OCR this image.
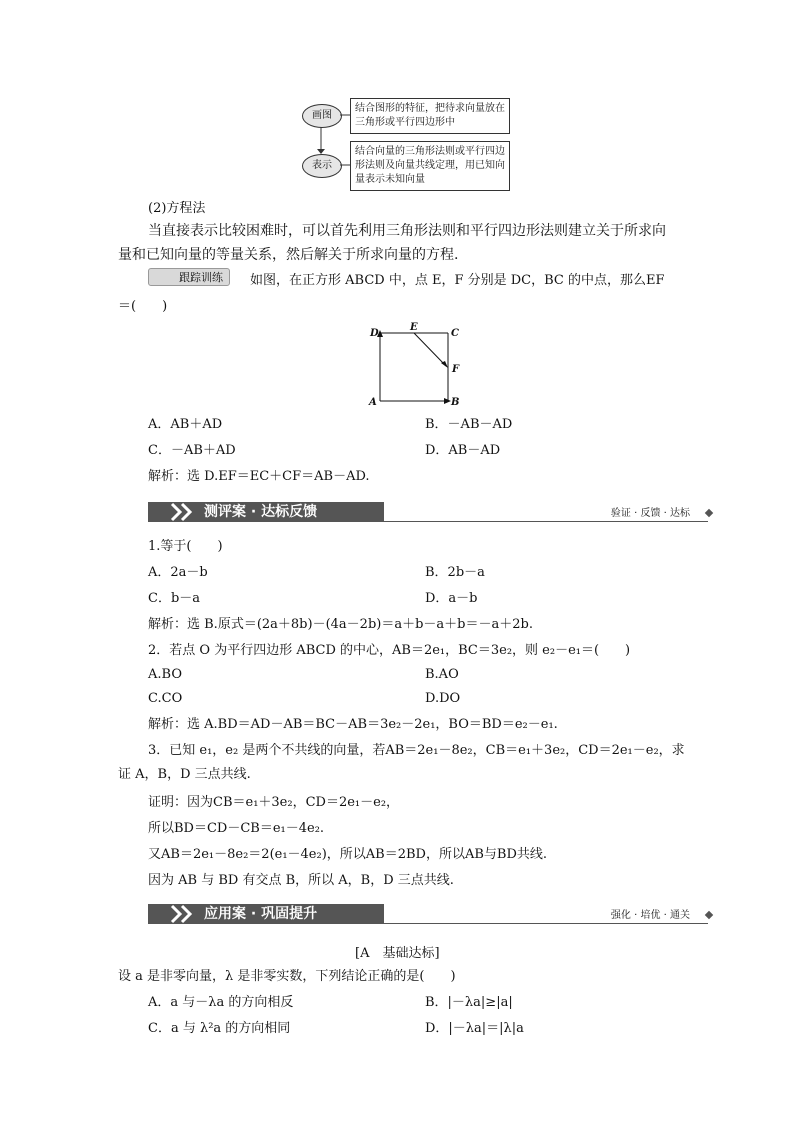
画图
结合图形的特征，把待求向量放在
三角形或平行四边形中
表示
结合向量的三角形法则或平行四边
形法则及向量共线定理，用已知向
量表示未知向量
(2)方程法
当直接表示比较困难时，可以首先利用三角形法则和平行四边形法则建立关于所求向
量和已知向量的等量关系，然后解关于所求向量的方程.
跟踪训练	如图，在正方形 ABCD 中，点 E，F 分别是 DC，BC 的中点，那么EF
＝(　　)
D
E
C
F
A	B
A．AB＋AD	B．－AB－AD
C．－AB＋AD	D．AB－AD
解析：选 D.EF＝EC＋CF＝AB－AD.
测评案 · 达标反馈	验证 · 反馈 · 达标
1.等于(　　)
A．2a－b	B．2b－a
C．b－a	D．a－b
解析：选 B.原式＝(2a＋8b)－(4a－2b)＝a＋b－a＋b＝－a＋2b.
2．若点 O 为平行四边形 ABCD 的中心，AB＝2e₁，BC＝3e₂，则 e₂－e₁＝(　　)
A.BO	B.AO
C.CO	D.DO
解析：选 A.BD＝AD－AB＝BC－AB＝3e₂－2e₁，BO＝BD＝e₂－e₁.
3．已知 e₁，e₂ 是两个不共线的向量，若AB＝2e₁－8e₂，CB＝e₁＋3e₂，CD＝2e₁－e₂，求
证 A，B，D 三点共线.
证明：因为CB＝e₁＋3e₂，CD＝2e₁－e₂，
所以BD＝CD－CB＝e₁－4e₂.
又AB＝2e₁－8e₂＝2(e₁－4e₂)，所以AB＝2BD，所以AB与BD共线.
因为 AB 与 BD 有交点 B，所以 A，B，D 三点共线.
应用案 · 巩固提升	强化 · 培优 · 通关
[A　基础达标]
设 a 是非零向量，λ 是非零实数，下列结论正确的是(　　)
A．a 与－λa 的方向相反	B．|－λa|≥|a|
C．a 与 λ²a 的方向相同	D．|－λa|＝|λ|a
